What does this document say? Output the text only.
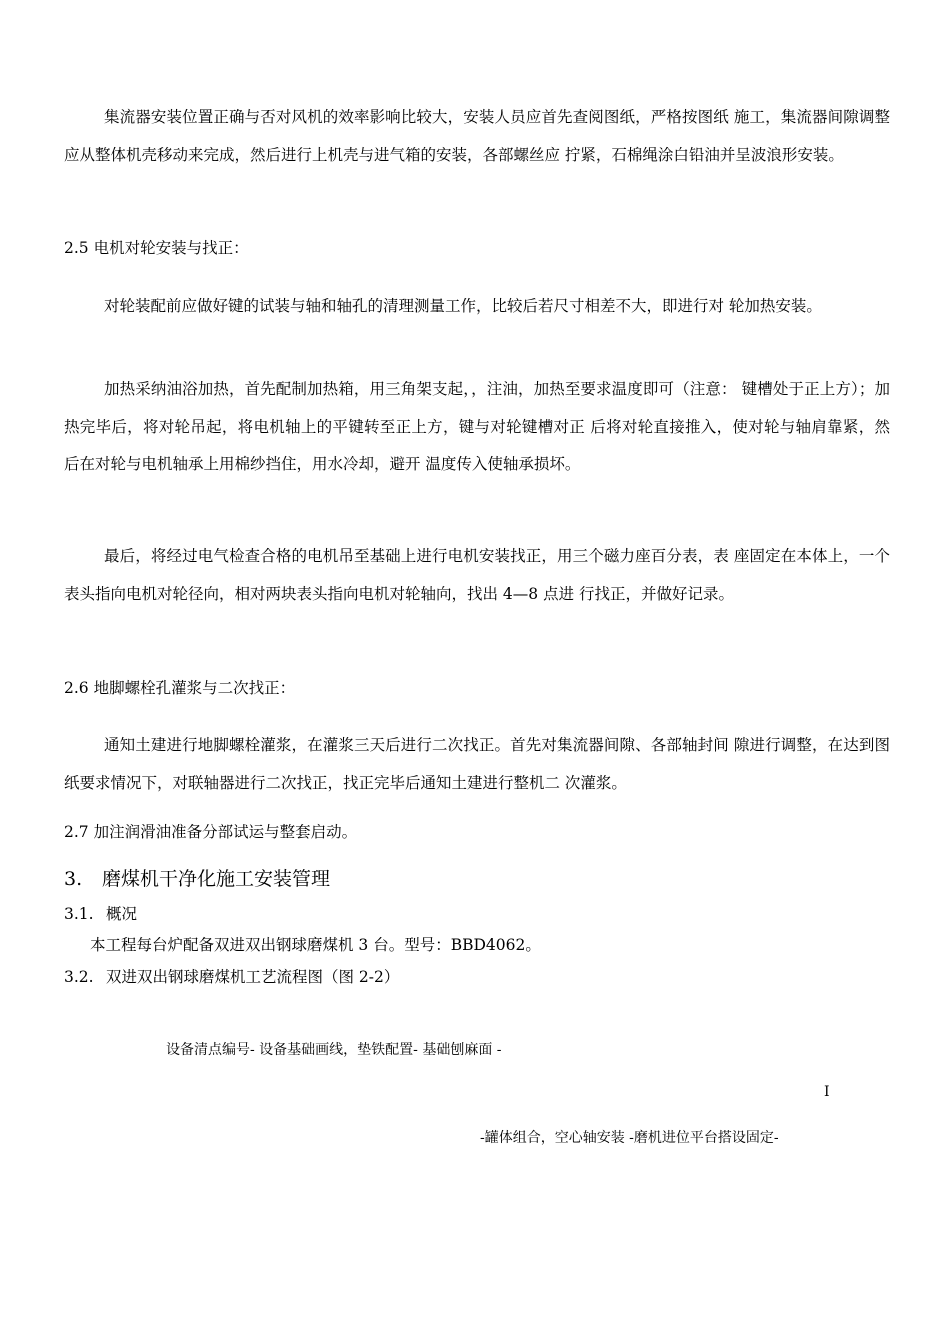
集流器安装位置正确与否对风机的效率影响比较大，安装人员应首先查阅图纸，严格按图纸 施工，集流器间隙调整应从整体机壳移动来完成，然后进行上机壳与进气箱的安装，各部螺丝应 拧紧，石棉绳涂白铅油并呈波浪形安装。

2.5 电机对轮安装与找正：

对轮装配前应做好键的试装与轴和轴孔的清理测量工作，比较后若尺寸相差不大，即进行对 轮加热安装。

加热采纳油浴加热，首先配制加热箱，用三角架支起，，注油，加热至要求温度即可（注意： 键槽处于正上方）；加热完毕后，将对轮吊起，将电机轴上的平键转至正上方，键与对轮键槽对正 后将对轮直接推入，使对轮与轴肩靠紧，然后在对轮与电机轴承上用棉纱挡住，用水冷却，避开 温度传入使轴承损坏。

最后，将经过电气检查合格的电机吊至基础上进行电机安装找正，用三个磁力座百分表，表 座固定在本体上，一个表头指向电机对轮径向，相对两块表头指向电机对轮轴向，找出 4—8 点进 行找正，并做好记录。

2.6 地脚螺栓孔灌浆与二次找正：

通知土建进行地脚螺栓灌浆，在灌浆三天后进行二次找正。首先对集流器间隙、各部轴封间 隙进行调整，在达到图纸要求情况下，对联轴器进行二次找正，找正完毕后通知土建进行整机二 次灌浆。

2.7 加注润滑油准备分部试运与整套启动。

3. 磨煤机干净化施工安装管理

3.1. 概况

本工程每台炉配备双进双出钢球磨煤机 3 台。型号：BBD4062。

3.2. 双进双出钢球磨煤机工艺流程图（图 2-2）

设备清点编号- 设备基础画线，垫铁配置- 基础刨麻面 -

I

-罐体组合，空心轴安装 -磨机进位平台搭设固定-
